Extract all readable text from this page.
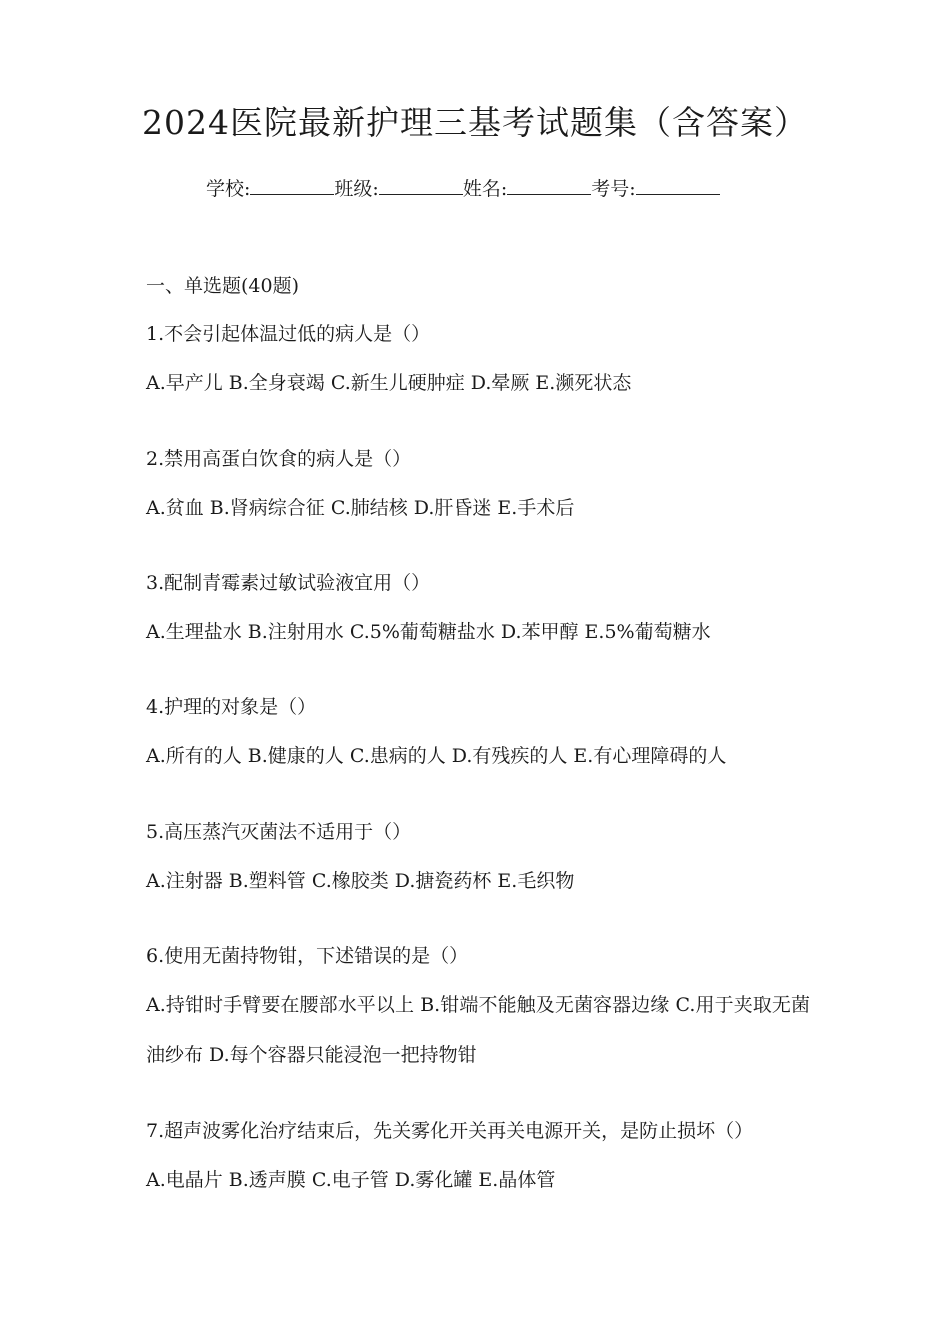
2024医院最新护理三基考试题集（含答案）
学校:	班级:	姓名:	考号:
一、单选题(40题)
1.不会引起体温过低的病人是（）
A.早产儿 B.全身衰竭 C.新生儿硬肿症 D.晕厥 E.濒死状态
2.禁用高蛋白饮食的病人是（）
A.贫血 B.肾病综合征 C.肺结核 D.肝昏迷 E.手术后
3.配制青霉素过敏试验液宜用（）
A.生理盐水 B.注射用水 C.5%葡萄糖盐水 D.苯甲醇 E.5%葡萄糖水
4.护理的对象是（）
A.所有的人 B.健康的人 C.患病的人 D.有残疾的人 E.有心理障碍的人
5.高压蒸汽灭菌法不适用于（）
A.注射器 B.塑料管 C.橡胶类 D.搪瓷药杯 E.毛织物
6.使用无菌持物钳，下述错误的是（）
A.持钳时手臂要在腰部水平以上 B.钳端不能触及无菌容器边缘 C.用于夹取无菌油纱布 D.每个容器只能浸泡一把持物钳
7.超声波雾化治疗结束后，先关雾化开关再关电源开关，是防止损坏（）
A.电晶片 B.透声膜 C.电子管 D.雾化罐 E.晶体管
